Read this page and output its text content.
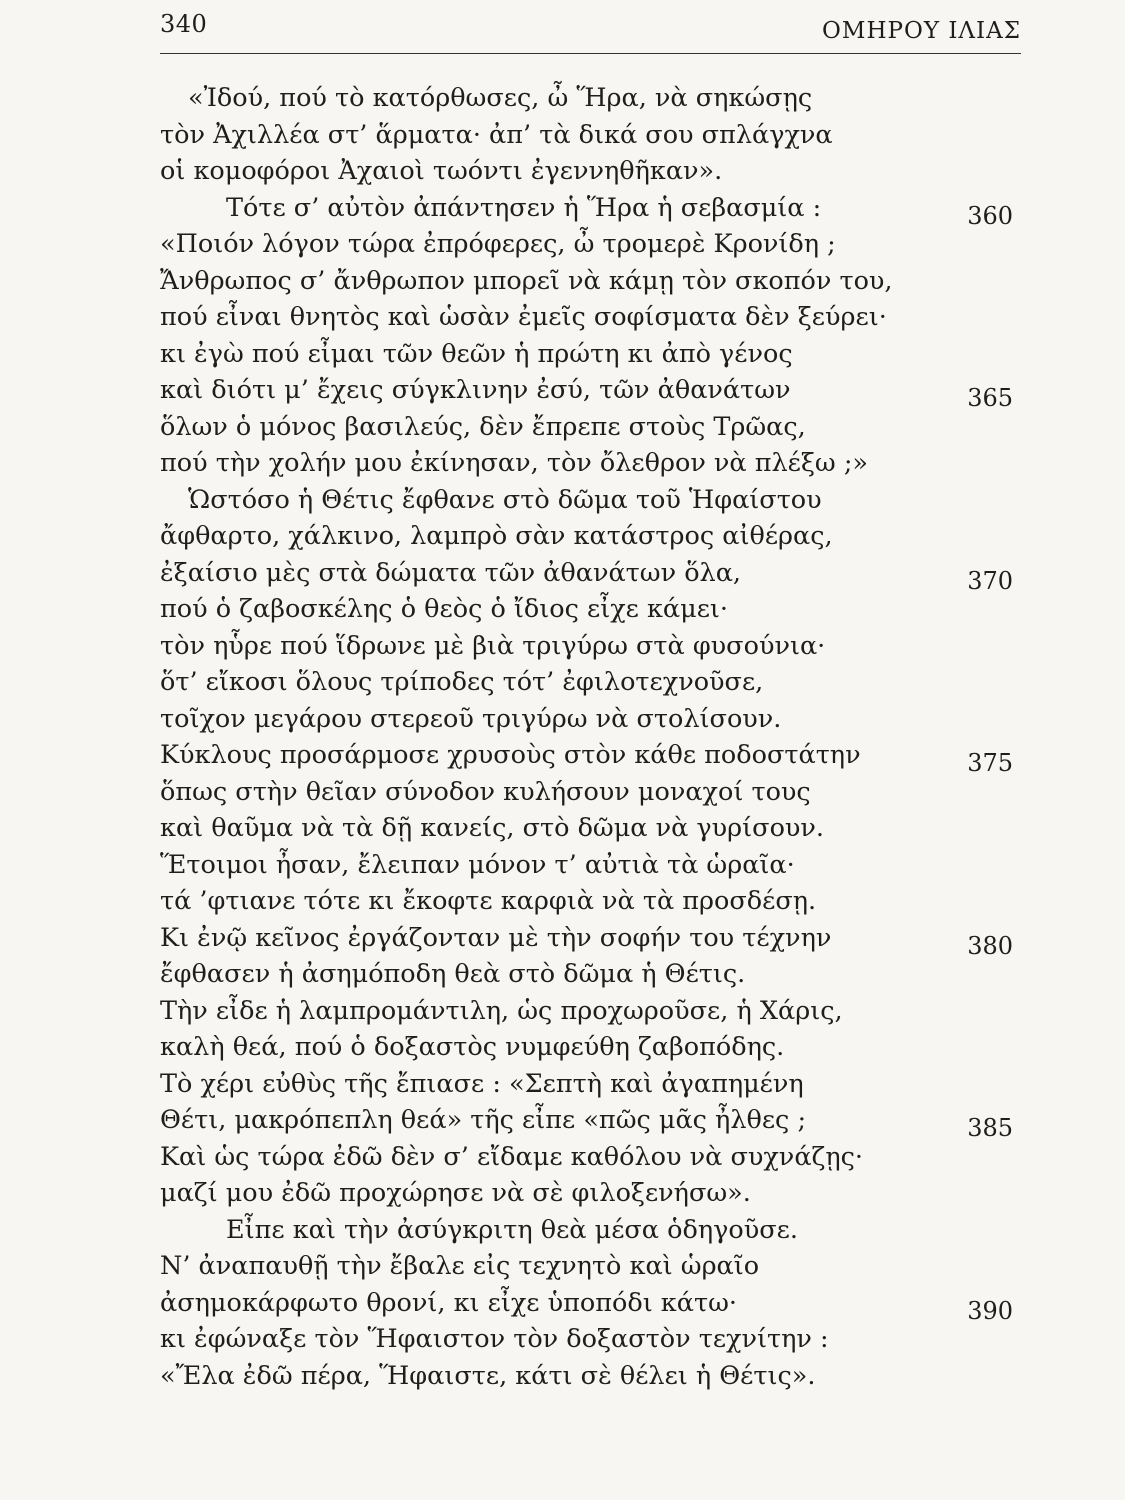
340	ΟΜΗΡΟΥ ΙΛΙΑΣ
«Ἰδού, πού τὸ κατόρθωσες, ὦ Ἥρα, νὰ σηκώσῃς
τὸν Ἀχιλλέα στ’ ἅρματα· ἀπ’ τὰ δικά σου σπλάγχνα
οἱ κομοφόροι Ἀχαιοὶ τωόντι ἐγεννηθῆκαν».
Τότε σ’ αὐτὸν ἀπάντησεν ἡ Ἥρα ἡ σεβασμία :	360
«Ποιόν λόγον τώρα ἐπρόφερες, ὦ τρομερὲ Κρονίδη ;
Ἄνθρωπος σ’ ἄνθρωπον μπορεῖ νὰ κάμῃ τὸν σκοπόν του,
πού εἶναι θνητὸς καὶ ὡσὰν ἐμεῖς σοφίσματα δὲν ξεύρει·
κι ἐγὼ πού εἶμαι τῶν θεῶν ἡ πρώτη κι ἀπὸ γένος
καὶ διότι μ’ ἔχεις σύγκλινην ἐσύ, τῶν ἀθανάτων	365
ὅλων ὁ μόνος βασιλεύς, δὲν ἔπρεπε στοὺς Τρῶας,
πού τὴν χολήν μου ἐκίνησαν, τὸν ὄλεθρον νὰ πλέξω ;»
Ὡστόσο ἡ Θέτις ἔφθανε στὸ δῶμα τοῦ Ἡφαίστου
ἄφθαρτο, χάλκινο, λαμπρὸ σὰν κατάστρος αἰθέρας,
ἐξαίσιο μὲς στὰ δώματα τῶν ἀθανάτων ὅλα,	370
πού ὁ ζαβοσκέλης ὁ θεὸς ὁ ἴδιος εἶχε κάμει·
τὸν ηὗρε πού ἵδρωνε μὲ βιὰ τριγύρω στὰ φυσούνια·
ὅτ’ εἴκοσι ὅλους τρίποδες τότ’ ἐφιλοτεχνοῦσε,
τοῖχον μεγάρου στερεοῦ τριγύρω νὰ στολίσουν.
Κύκλους προσάρμοσε χρυσοὺς στὸν κάθε ποδοστάτην	375
ὅπως στὴν θεῖαν σύνοδον κυλήσουν μοναχοί τους
καὶ θαῦμα νὰ τὰ δῇ κανείς, στὸ δῶμα νὰ γυρίσουν.
Ἕτοιμοι ἦσαν, ἔλειπαν μόνον τ’ αὐτιὰ τὰ ὡραῖα·
τά ’φτιανε τότε κι ἔκοφτε καρφιὰ νὰ τὰ προσδέσῃ.
Κι ἐνῷ κεῖνος ἐργάζονταν μὲ τὴν σοφήν του τέχνην	380
ἔφθασεν ἡ ἀσημόποδη θεὰ στὸ δῶμα ἡ Θέτις.
Τὴν εἶδε ἡ λαμπρομάντιλη, ὡς προχωροῦσε, ἡ Χάρις,
καλὴ θεά, πού ὁ δοξαστὸς νυμφεύθη ζαβοπόδης.
Τὸ χέρι εὐθὺς τῆς ἔπιασε : «Σεπτὴ καὶ ἀγαπημένη
Θέτι, μακρόπεπλη θεά» τῆς εἶπε «πῶς μᾶς ἦλθες ;	385
Καὶ ὡς τώρα ἐδῶ δὲν σ’ εἴδαμε καθόλου νὰ συχνάζῃς·
μαζί μου ἐδῶ προχώρησε νὰ σὲ φιλοξενήσω».
Εἶπε καὶ τὴν ἀσύγκριτη θεὰ μέσα ὁδηγοῦσε.
Ν’ ἀναπαυθῇ τὴν ἔβαλε εἰς τεχνητὸ καὶ ὡραῖο
ἀσημοκάρφωτο θρονί, κι εἶχε ὑποπόδι κάτω·	390
κι ἐφώναξε τὸν Ἥφαιστον τὸν δοξαστὸν τεχνίτην :
«Ἔλα ἐδῶ πέρα, Ἥφαιστε, κάτι σὲ θέλει ἡ Θέτις».
